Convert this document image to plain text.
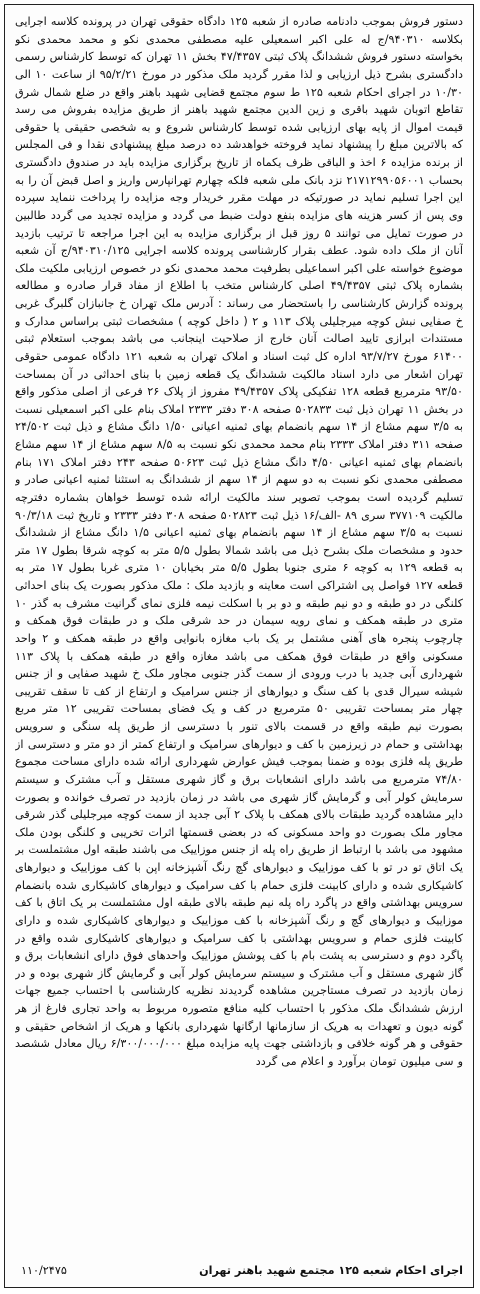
دستور فروش بموجب دادنامه صادره از شعبه ۱۲۵ دادگاه حقوقی تهران در پرونده کلاسه اجرایی بکلاسه ۹۴۰۳۱۰/ج له علی اکبر اسمعیلی علیه مصطفی محمدی نکو و محمد محمدی نکو بخواسته دستور فروش ششدانگ پلاک ثبتی ۴۷/۴۳۵۷ بخش ۱۱ تهران که توسط کارشناس رسمی دادگستری بشرح ذیل ارزیابی و لذا مقرر گردید ملک مذکور در مورخ ۹۵/۲/۲۱ از ساعت ۱۰ الی ۱۰/۳۰ در اجرای احکام شعبه ۱۲۵ ط سوم مجتمع قضایی شهید باهنر واقع در ضلع شمال شرق تقاطع اتوبان شهید باقری و زین الدین مجتمع شهید باهنر از طریق مزایده بفروش می رسد قیمت اموال از پایه بهای ارزیابی شده توسط کارشناس شروع و به شخصی حقیقی یا حقوقی که بالاترین مبلغ را پیشنهاد نماید فروخته خواهدشد ده درصد مبلغ پیشنهادی نقدا و فی المجلس از برنده مزایده ۶ اخذ و الباقی ظرف یکماه از تاریخ برگزاری مزایده باید در صندوق دادگستری بحساب ۲۱۷۱۲۹۹۰۵۶۰۰۱ نزد بانک ملی شعبه فلکه چهارم تهرانپارس واریز و اصل قبض آن را به این اجرا تسلیم نماید در صورتیکه در مهلت مقرر خریدار وجه مزایده را پرداخت ننماید سپرده وی پس از کسر هزینه های مزایده بنفع دولت ضبط می گردد و مزایده تجدید می گردد طالبین در صورت تمایل می توانند ۵ روز قبل از برگزاری مزایده به این اجرا مراجعه تا ترتیب بازدید آنان از ملک داده شود. عطف بقرار کارشناسی پرونده کلاسه اجرایی ۹۴۰۳۱۰/۱۲۵/ج آن شعبه موضوع خواسته علی اکبر اسماعیلی بطرفیت محمد محمدی نکو در خصوص ارزیابی ملکیت ملک بشماره پلاک ثبتی ۴۹/۴۳۵۷ اصلی کارشناس متخب با اطلاع از مفاد قرار صادره و مطالعه پرونده گزارش کارشناسی را باستحضار می رساند : آدرس ملک تهران خ جانبازان گلبرگ غربی خ صفایی نبش کوچه میرجلیلی پلاک ۱۱۳ و ۲ ( داخل کوچه ) مشخصات ثبتی براساس مدارک و مستندات ابرازی تایید اصالت آنان خارج از صلاحیت اینجانب می باشد بموجب استعلام ثبتی ۶۱۴۰۰ مورخ ۹۳/۷/۲۷ اداره کل ثبت اسناد و املاک تهران به شعبه ۱۲۱ دادگاه عمومی حقوقی تهران اشعار می دارد اسناد مالکیت ششدانگ یک قطعه زمین با بنای احداثی در آن بمساحت ۹۳/۵۰ مترمربع قطعه ۱۲۸ تفکیکی پلاک ۴۹/۴۳۵۷ مفروز از پلاک ۲۶ فرعی از اصلی مذکور واقع در بخش ۱۱ تهران ذیل ثبت ۵۰۲۸۳۳ صفحه ۳۰۸ دفتر ۲۳۳۳ املاک بنام علی اکبر اسمعیلی نسبت به ۳/۵ سهم مشاع از ۱۴ سهم بانضمام بهای ثمنیه اعیانی ۱/۵۰ دانگ مشاع و ذیل ثبت ۲۴/۵۰۲ صفحه ۳۱۱ دفتر املاک ۲۳۳۳ بنام محمد محمدی نکو نسبت به ۸/۵ سهم مشاع از ۱۴ سهم مشاع بانضمام بهای ثمنیه اعیانی ۴/۵۰ دانگ مشاع ذیل ثبت ۵۰۶۲۳ صفحه ۲۴۳ دفتر املاک ۱۷۱ بنام مصطفی محمدی نکو نسبت به دو سهم از ۱۴ سهم از ششدانگ به استثنا ثمنیه اعیانی صادر و تسلیم گردیده است بموجب تصویر سند مالکیت ارائه شده توسط خواهان بشماره دفترچه مالکیت ۳۷۷۱۰۹ سری ۸۹ -الف/۱۶ ذیل ثبت ۵۰۲۸۲۳ صفحه ۳۰۸ دفتر ۲۳۳۳ و تاریخ ثبت ۹۰/۳/۱۸ نسبت به ۳/۵ سهم مشاع از ۱۴ سهم بانضمام بهای ثمنیه اعیانی ۱/۵ دانگ مشاع از ششدانگ حدود و مشخصات ملک بشرح ذیل می باشد شمالا بطول ۵/۵ متر به کوچه شرقا بطول ۱۷ متر به قطعه ۱۲۹ به کوچه ۶ متری جنوبا بطول ۵/۵ متر بخیابان ۱۰ متری غربا بطول ۱۷ متر به قطعه ۱۲۷ فواصل پی اشتراکی است معاینه و بازدید ملک : ملک مذکور بصورت یک بنای احداثی کلنگی در دو طبقه و دو نیم طبقه و دو بر با اسکلت نیمه فلزی نمای گرانیت مشرف به گذر ۱۰ متری در طبقه همکف و نمای رویه سیمان در حد شرقی ملک و در طبقات فوق همکف و چارچوب پنجره های آهنی مشتمل بر یک باب مغازه بانوایی واقع در طبقه همکف و ۲ واحد مسکونی واقع در طبقات فوق همکف می باشد مغازه واقع در طبقه همکف با پلاک ۱۱۳ شهرداری آبی جدید با درب ورودی از سمت گذر جنوبی مجاور ملک خ شهید صفایی و از جنس شیشه سیرال قدی با کف سنگ و دیوارهای از جنس سرامیک و ارتفاع از کف تا سقف تقریبی چهار متر بمساحت تقریبی ۵۰ مترمربع در کف و یک فضای بمساحت تقریبی ۱۲ متر مربع بصورت نیم طبقه واقع در قسمت بالای تنور با دسترسی از طریق پله سنگی و سرویس بهداشتی و حمام در زیرزمین با کف و دیوارهای سرامیک و ارتفاع کمتر از دو متر و دسترسی از طریق پله فلزی بوده و ضمنا بموجب فیش عوارض شهرداری ارائه شده دارای مساحت مجموع ۷۴/۸۰ مترمربع می باشد دارای انشعابات برق و گاز شهری مستقل و آب مشترک و سیستم سرمایش کولر آبی و گرمایش گاز شهری می باشد در زمان بازدید در تصرف خوانده و بصورت دایر مشاهده گردید طبقات بالای همکف با پلاک ۲ آبی جدید از سمت کوچه میرجلیلی گذر شرقی مجاور ملک بصورت دو واحد مسکونی که در بعضی قسمتها اثرات تخریبی و کلنگی بودن ملک مشهود می باشد با ارتباط از طریق راه پله از جنس موزاییک می باشند طبقه اول مشتملست بر یک اتاق تو در تو با کف موزاییک و دیوارهای گچ رنگ آشپزخانه اپن با کف موزاییک و دیوارهای کاشیکاری شده و دارای کابینت فلزی حمام با کف سرامیک و دیوارهای کاشیکاری شده بانضمام سرویس بهداشتی واقع در پاگرد راه پله نیم طبقه بالای طبقه اول مشتملست بر یک اتاق با کف موزاییک و دیوارهای گچ و رنگ آشپزخانه با کف موزاییک و دیوارهای کاشیکاری شده و دارای کابینت فلزی حمام و سرویس بهداشتی با کف سرامیک و دیوارهای کاشیکاری شده واقع در پاگرد دوم و دسترسی به پشت بام با کف پوشش موزاییک واحدهای فوق دارای انشعابات برق و گاز شهری مستقل و آب مشترک و سیستم سرمایش کولر آبی و گرمایش گاز شهری بوده و در زمان بازدید در تصرف مستاجرین مشاهده گردیدند نظریه کارشناسی با احتساب جمیع جهات ارزش ششدانگ ملک مذکور با احتساب کلیه منافع متصوره مربوط به واحد تجاری فارغ از هر گونه دیون و تعهدات به هریک از سازمانها ارگانها شهرداری بانکها و هریک از اشخاص حقیقی و حقوقی و هر گونه خلافی و بازداشتی جهت پایه مزایده مبلغ ۶/۳۰۰/۰۰۰/۰۰۰ ریال معادل ششصد و سی میلیون تومان برآورد و اعلام می گردد

اجرای احکام شعبه ۱۲۵ مجتمع شهید باهنر تهران
۱۱۰/۲۴۷۵
